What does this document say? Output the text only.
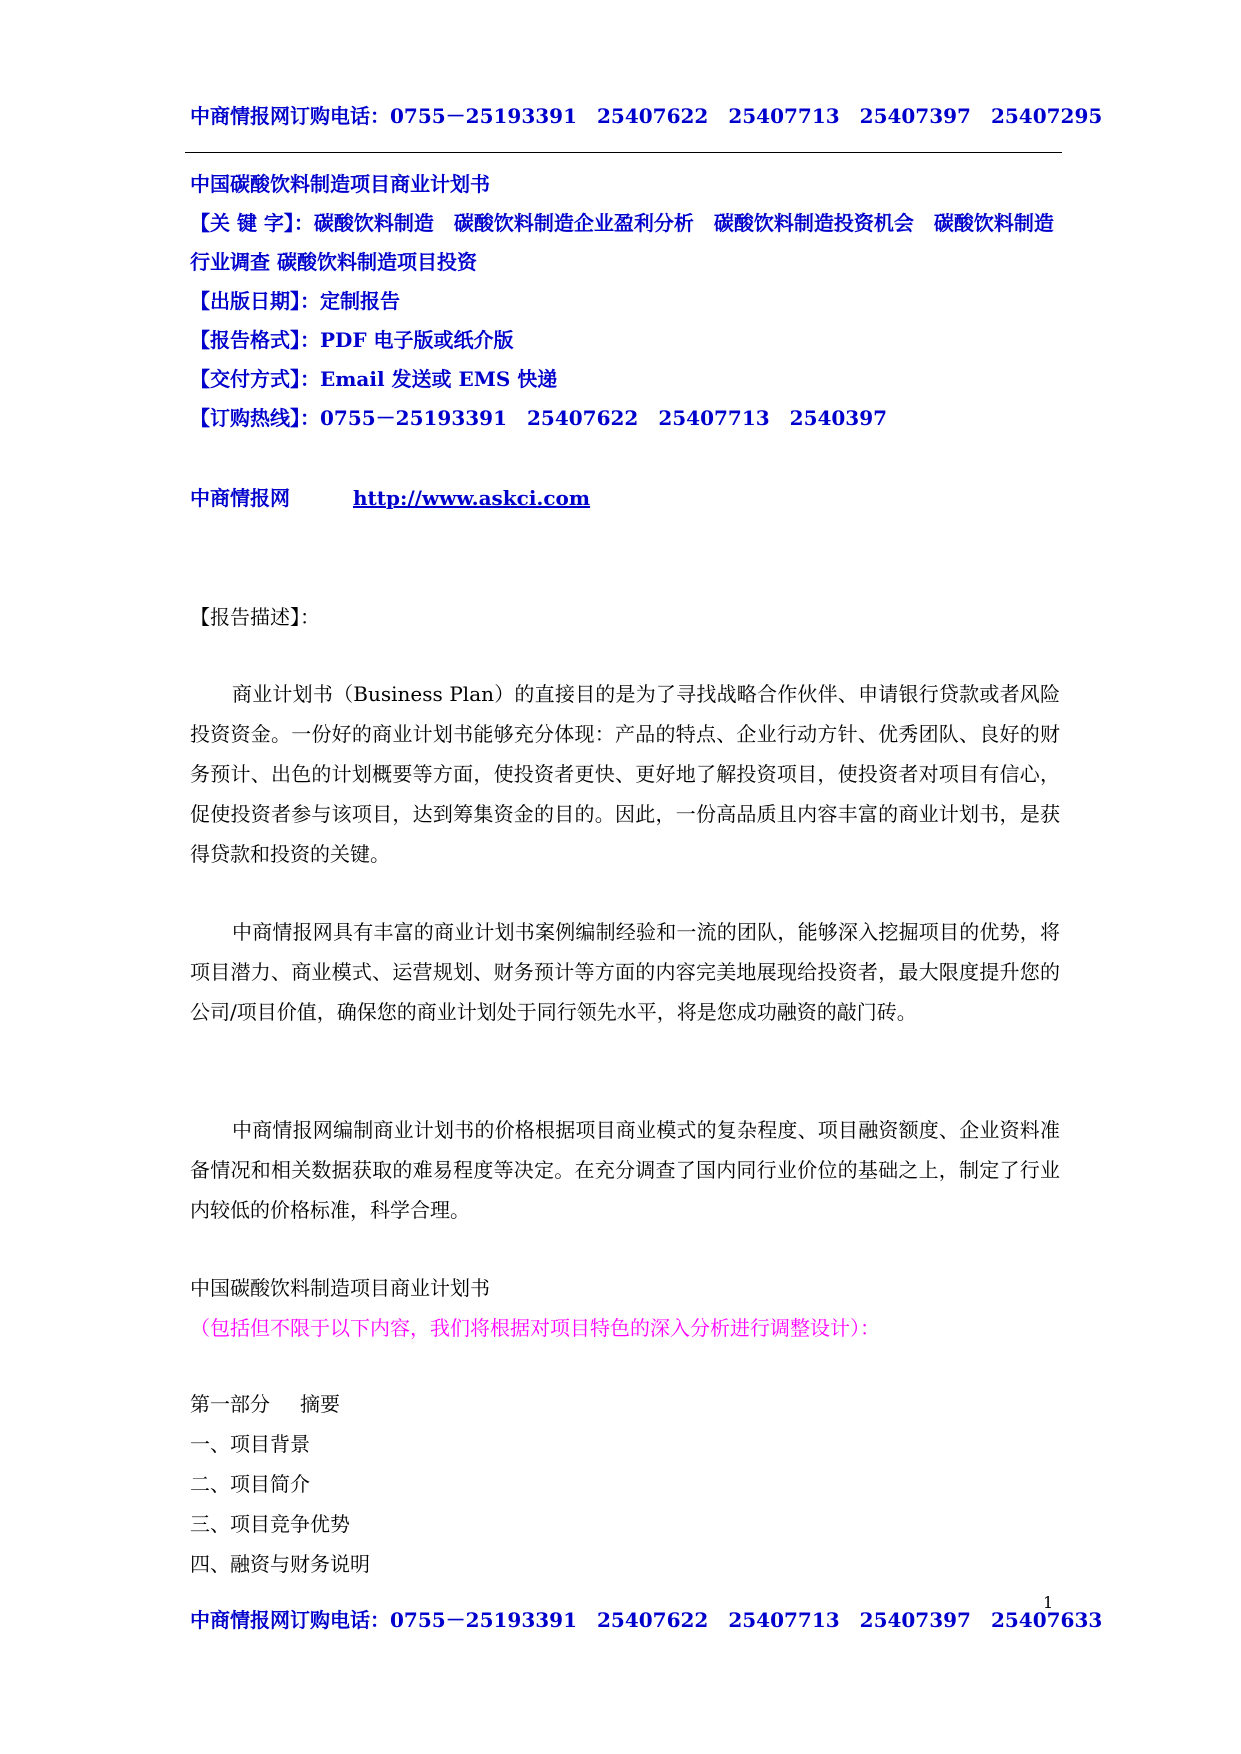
中商情报网订购电话：0755－25193391　25407622　25407713　25407397　25407295
中国碳酸饮料制造项目商业计划书
【关 键 字】：碳酸饮料制造　碳酸饮料制造企业盈利分析　碳酸饮料制造投资机会　碳酸饮料制造行业调查 碳酸饮料制造项目投资
【出版日期】：定制报告
【报告格式】：PDF 电子版或纸介版
【交付方式】：Email 发送或 EMS 快递
【订购热线】：0755－25193391　25407622　25407713　2540397
中商情报网	http://www.askci.com
【报告描述】：
商业计划书（Business Plan）的直接目的是为了寻找战略合作伙伴、申请银行贷款或者风险投资资金。一份好的商业计划书能够充分体现：产品的特点、企业行动方针、优秀团队、良好的财务预计、出色的计划概要等方面，使投资者更快、更好地了解投资项目，使投资者对项目有信心，促使投资者参与该项目，达到筹集资金的目的。因此，一份高品质且内容丰富的商业计划书，是获得贷款和投资的关键。
中商情报网具有丰富的商业计划书案例编制经验和一流的团队，能够深入挖掘项目的优势，将项目潜力、商业模式、运营规划、财务预计等方面的内容完美地展现给投资者，最大限度提升您的公司/项目价值，确保您的商业计划处于同行领先水平，将是您成功融资的敲门砖。
中商情报网编制商业计划书的价格根据项目商业模式的复杂程度、项目融资额度、企业资料准备情况和相关数据获取的难易程度等决定。在充分调查了国内同行业价位的基础之上，制定了行业内较低的价格标准，科学合理。
中国碳酸饮料制造项目商业计划书
（包括但不限于以下内容，我们将根据对项目特色的深入分析进行调整设计）：
第一部分 摘要
一、项目背景
二、项目简介
三、项目竞争优势
四、融资与财务说明
1
中商情报网订购电话：0755－25193391　25407622　25407713　25407397　25407633
